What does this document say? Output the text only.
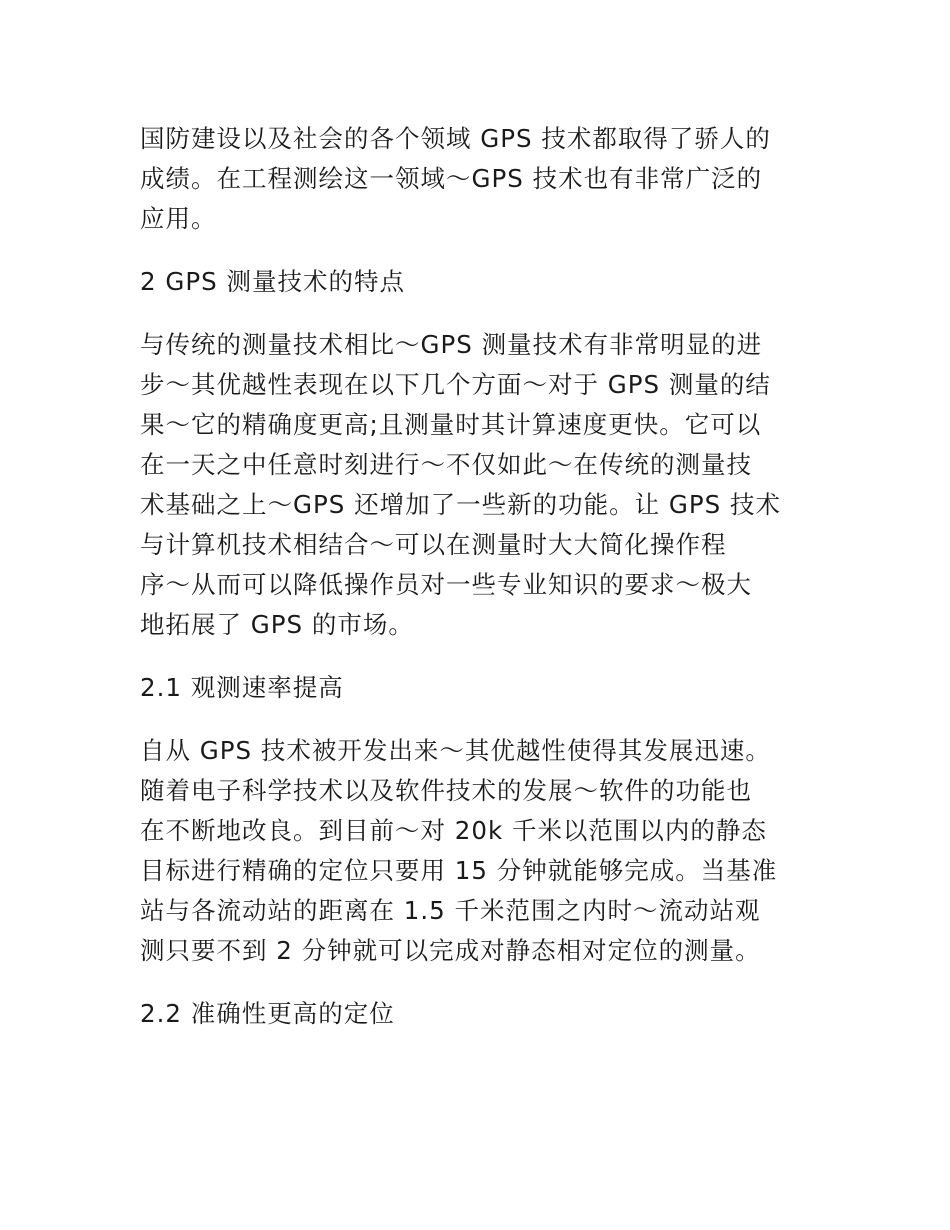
国防建设以及社会的各个领域 GPS 技术都取得了骄人的
成绩。在工程测绘这一领域～GPS 技术也有非常广泛的
应用。
2 GPS 测量技术的特点
与传统的测量技术相比～GPS 测量技术有非常明显的进
步～其优越性表现在以下几个方面～对于 GPS 测量的结
果～它的精确度更高;且测量时其计算速度更快。它可以
在一天之中任意时刻进行～不仅如此～在传统的测量技
术基础之上～GPS 还增加了一些新的功能。让 GPS 技术
与计算机技术相结合～可以在测量时大大简化操作程
序～从而可以降低操作员对一些专业知识的要求～极大
地拓展了 GPS 的市场。
2.1 观测速率提高
自从 GPS 技术被开发出来～其优越性使得其发展迅速。
随着电子科学技术以及软件技术的发展～软件的功能也
在不断地改良。到目前～对 20k 千米以范围以内的静态
目标进行精确的定位只要用 15 分钟就能够完成。当基准
站与各流动站的距离在 1.5 千米范围之内时～流动站观
测只要不到 2 分钟就可以完成对静态相对定位的测量。
2.2 准确性更高的定位
